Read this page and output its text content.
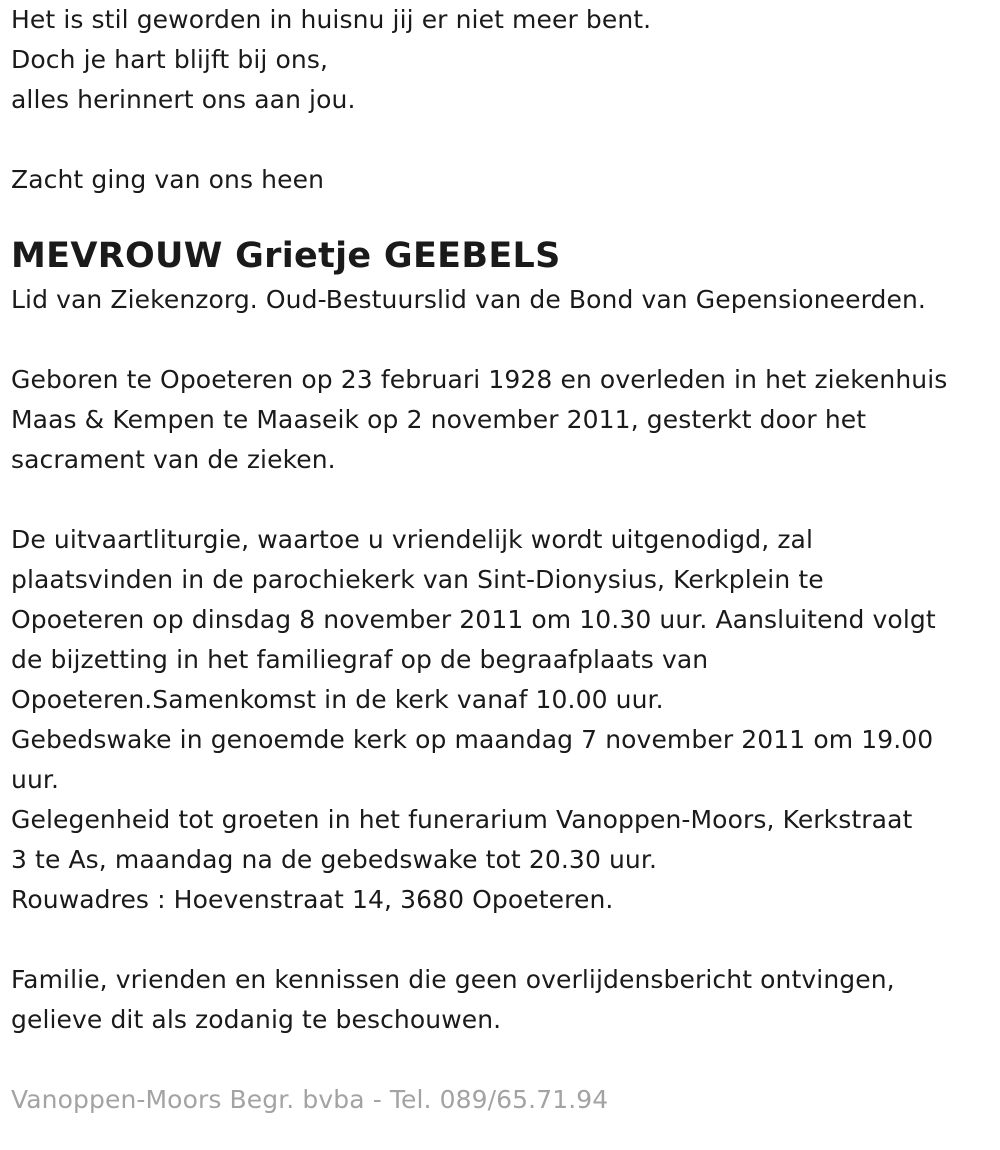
Het is stil geworden in huisnu jij er niet meer bent.
Doch je hart blijft bij ons,
alles herinnert ons aan jou.
Zacht ging van ons heen
MEVROUW Grietje GEEBELS
Lid van Ziekenzorg. Oud-Bestuurslid van de Bond van Gepensioneerden.
Geboren te Opoeteren op 23 februari 1928 en overleden in het ziekenhuis
Maas & Kempen te Maaseik op 2 november 2011, gesterkt door het
sacrament van de zieken.
De uitvaartliturgie, waartoe u vriendelijk wordt uitgenodigd, zal
plaatsvinden in de parochiekerk van Sint-Dionysius, Kerkplein te
Opoeteren op dinsdag 8 november 2011 om 10.30 uur. Aansluitend volgt
de bijzetting in het familiegraf op de begraafplaats van
Opoeteren.Samenkomst in de kerk vanaf 10.00 uur.
Gebedswake in genoemde kerk op maandag 7 november 2011 om 19.00
uur.
Gelegenheid tot groeten in het funerarium Vanoppen-Moors, Kerkstraat
3 te As, maandag na de gebedswake tot 20.30 uur.
Rouwadres : Hoevenstraat 14, 3680 Opoeteren.
Familie, vrienden en kennissen die geen overlijdensbericht ontvingen,
gelieve dit als zodanig te beschouwen.
Vanoppen-Moors Begr. bvba - Tel. 089/65.71.94
